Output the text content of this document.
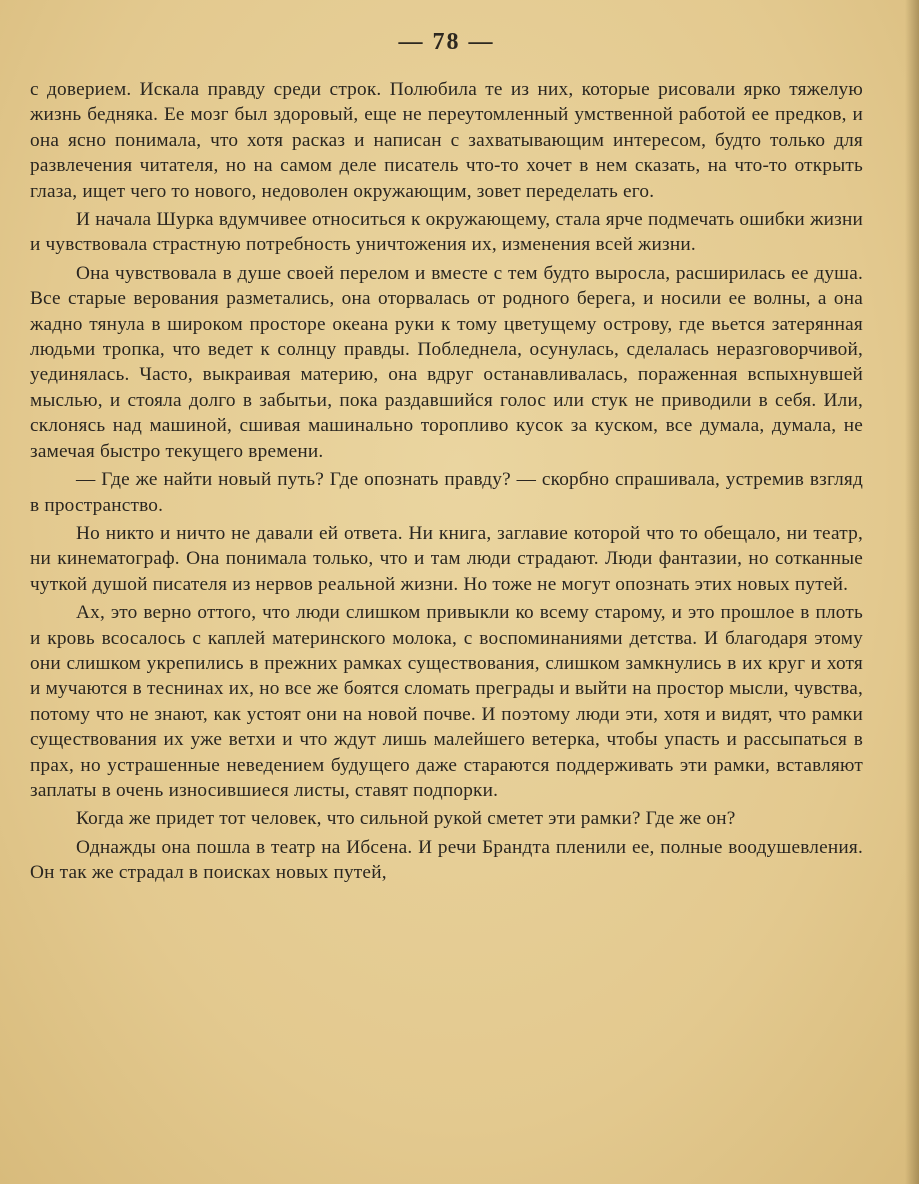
— 78 —

с доверием. Искала правду среди строк. Полюбила те из них, которые рисовали ярко тяжелую жизнь бедняка. Ее мозг был здоровый, еще не переутомленный умственной работой ее предков, и она ясно понимала, что хотя расказ и написан с захватывающим интересом, будто только для развлечения читателя, но на самом деле писатель что-то хочет в нем сказать, на что-то открыть глаза, ищет чего то нового, недоволен окружающим, зовет переделать его.

И начала Шурка вдумчивее относиться к окружающему, стала ярче подмечать ошибки жизни и чувствовала страстную потребность уничтожения их, изменения всей жизни.

Она чувствовала в душе своей перелом и вместе с тем будто выросла, расширилась ее душа. Все старые верования разметались, она оторвалась от родного берега, и носили ее волны, а она жадно тянула в широком просторе океана руки к тому цветущему острову, где вьется затерянная людьми тропка, что ведет к солнцу правды. Побледнела, осунулась, сделалась неразговорчивой, уединялась. Часто, выкраивая материю, она вдруг останавливалась, пораженная вспыхнувшей мыслью, и стояла долго в забытьи, пока раздавшийся голос или стук не приводили в себя. Или, склонясь над машиной, сшивая машинально торопливо кусок за куском, все думала, думала, не замечая быстро текущего времени.

— Где же найти новый путь? Где опознать правду? — скорбно спрашивала, устремив взгляд в пространство.

Но никто и ничто не давали ей ответа. Ни книга, заглавие которой что то обещало, ни театр, ни кинематограф. Она понимала только, что и там люди страдают. Люди фантазии, но сотканные чуткой душой писателя из нервов реальной жизни. Но тоже не могут опознать этих новых путей.

Ах, это верно оттого, что люди слишком привыкли ко всему старому, и это прошлое в плоть и кровь всосалось с каплей материнского молока, с воспоминаниями детства. И благодаря этому они слишком укрепились в прежних рамках существования, слишком замкнулись в их круг и хотя и мучаются в теснинах их, но все же боятся сломать преграды и выйти на простор мысли, чувства, потому что не знают, как устоят они на новой почве. И поэтому люди эти, хотя и видят, что рамки существования их уже ветхи и что ждут лишь малейшего ветерка, чтобы упасть и рассыпаться в прах, но устрашенные неведением будущего даже стараются поддерживать эти рамки, вставляют заплаты в очень износившиеся листы, ставят подпорки.

Когда же придет тот человек, что сильной рукой сметет эти рамки? Где же он?

Однажды она пошла в театр на Ибсена. И речи Брандта пленили ее, полные воодушевления. Он так же страдал в поисках новых путей,
